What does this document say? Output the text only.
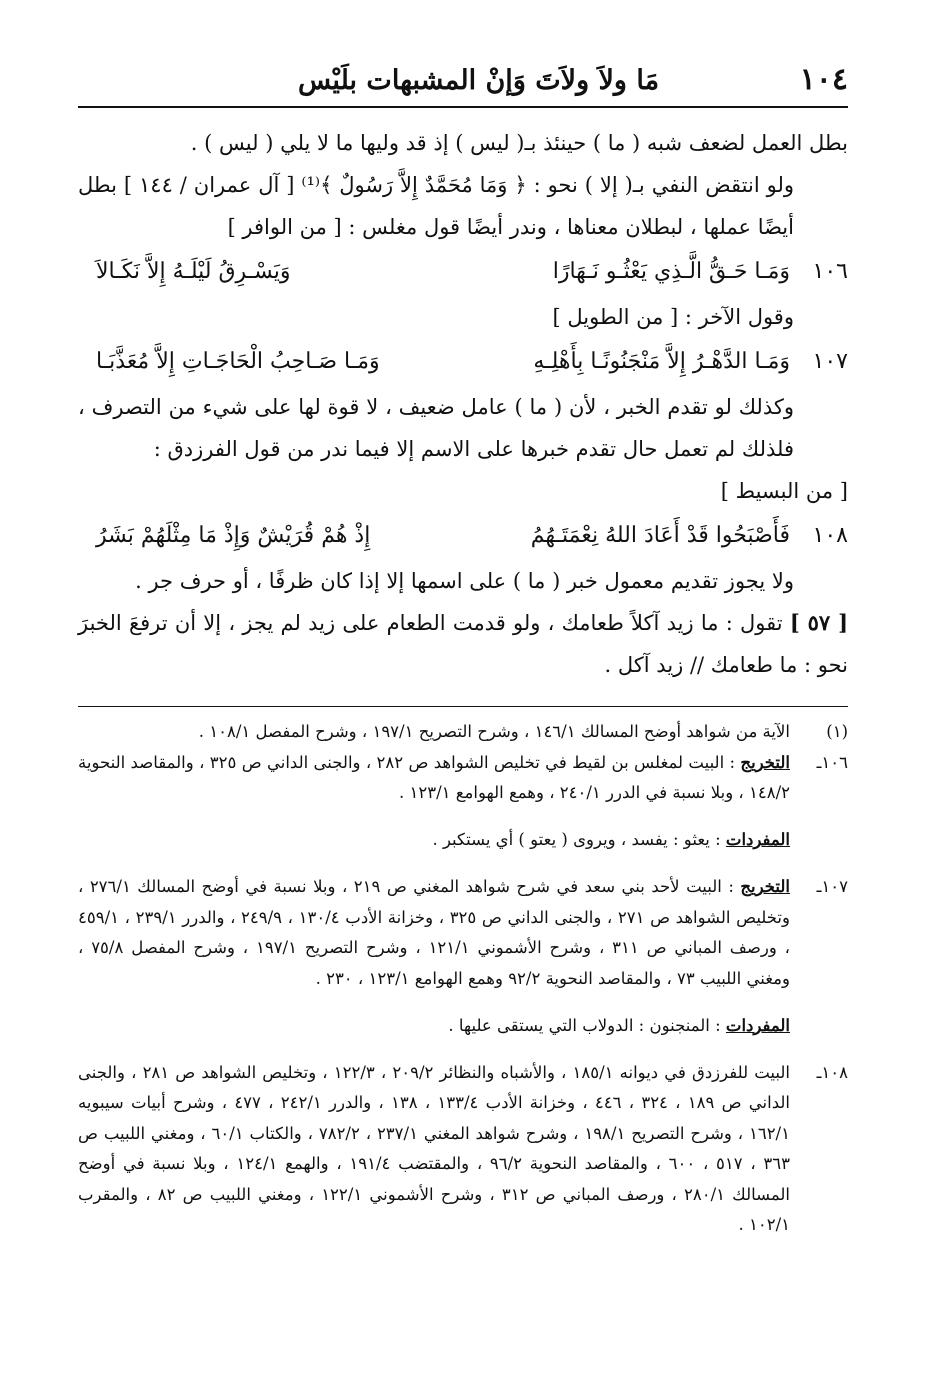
١٠٤
مَا ولاَ ولاَتَ وَإنْ المشبهات بلَيْس

بطل العمل لضعف شبه ( ما ) حينئذ بـ( ليس ) إذ قد وليها ما لا يلي ( ليس ) .

ولو انتقض النفي بـ( إلا ) نحو : ﴿ وَمَا مُحَمَّدٌ إِلاَّ رَسُولٌ ﴾⁽¹⁾ [ آل عمران / ١٤٤ ] بطل أيضًا عملها ، لبطلان معناها ، وندر أيضًا قول مغلس : [ من الوافر ]

١٠٦
وَمَـا حَـقُّ الَّـذِي يَعْثُـو نَـهَارًا
وَيَسْـرِقُ لَيْلَـهُ إِلاَّ نَكَـالاَ

وقول الآخر : [ من الطويل ]

١٠٧
وَمَـا الدَّهْـرُ إِلاَّ مَنْجَنُونًـا بِأَهْلِـهِ
وَمَـا صَـاحِبُ الْحَاجَـاتِ إِلاَّ مُعَذَّبَـا

وكذلك لو تقدم الخبر ، لأن ( ما ) عامل ضعيف ، لا قوة لها على شيء من التصرف ، فلذلك لم تعمل حال تقدم خبرها على الاسم إلا فيما ندر من قول الفرزدق :

[ من البسيط ]

١٠٨
فَأَصْبَحُوا قَدْ أَعَادَ اللهُ نِعْمَتَـهُمُ
إِذْ هُمْ قُرَيْشٌ وَإِذْ مَا مِثْلَهُمْ بَشَرُ

ولا يجوز تقديم معمول خبر ( ما ) على اسمها إلا إذا كان ظرفًا ، أو حرف جر .

[ ٥٧ ] تقول : ما زيد آكلاً طعامك ، ولو قدمت الطعام على زيد لم يجز ، إلا أن ترفعَ الخبرَ نحو : ما طعامك // زيد آكل .

(١)
الآية من شواهد أوضح المسالك ١٤٦/١ ، وشرح التصريح ١٩٧/١ ، وشرح المفصل ١٠٨/١ .
١٠٦ـ
التخريج : البيت لمغلس بن لقيط في تخليص الشواهد ص ٢٨٢ ، والجنى الداني ص ٣٢٥ ، والمقاصد النحوية ١٤٨/٢ ، وبلا نسبة في الدرر ٢٤٠/١ ، وهمع الهوامع ١٢٣/١ .

المفردات : يعثو : يفسد ، ويروى ( يعتو ) أي يستكبر .

١٠٧ـ
التخريج : البيت لأحد بني سعد في شرح شواهد المغني ص ٢١٩ ، وبلا نسبة في أوضح المسالك ٢٧٦/١ ، وتخليص الشواهد ص ٢٧١ ، والجنى الداني ص ٣٢٥ ، وخزانة الأدب ١٣٠/٤ ، ٢٤٩/٩ ، والدرر ٢٣٩/١ ، ٤٥٩/١ ، ورصف المباني ص ٣١١ ، وشرح الأشموني ١٢١/١ ، وشرح التصريح ١٩٧/١ ، وشرح المفصل ٧٥/٨ ، ومغني اللبيب ٧٣ ، والمقاصد النحوية ٩٢/٢ وهمع الهوامع ١٢٣/١ ، ٢٣٠ .

المفردات : المنجنون : الدولاب التي يستقى عليها .

١٠٨ـ
البيت للفرزدق في ديوانه ١٨٥/١ ، والأشباه والنظائر ٢٠٩/٢ ، ١٢٢/٣ ، وتخليص الشواهد ص ٢٨١ ، والجنى الداني ص ١٨٩ ، ٣٢٤ ، ٤٤٦ ، وخزانة الأدب ١٣٣/٤ ، ١٣٨ ، والدرر ٢٤٢/١ ، ٤٧٧ ، وشرح أبيات سيبويه ١٦٢/١ ، وشرح التصريح ١٩٨/١ ، وشرح شواهد المغني ٢٣٧/١ ، ٧٨٢/٢ ، والكتاب ٦٠/١ ، ومغني اللبيب ص ٣٦٣ ، ٥١٧ ، ٦٠٠ ، والمقاصد النحوية ٩٦/٢ ، والمقتضب ١٩١/٤ ، والهمع ١٢٤/١ ، وبلا نسبة في أوضح المسالك ٢٨٠/١ ، ورصف المباني ص ٣١٢ ، وشرح الأشموني ١٢٢/١ ، ومغني اللبيب ص ٨٢ ، والمقرب ١٠٢/١ .
